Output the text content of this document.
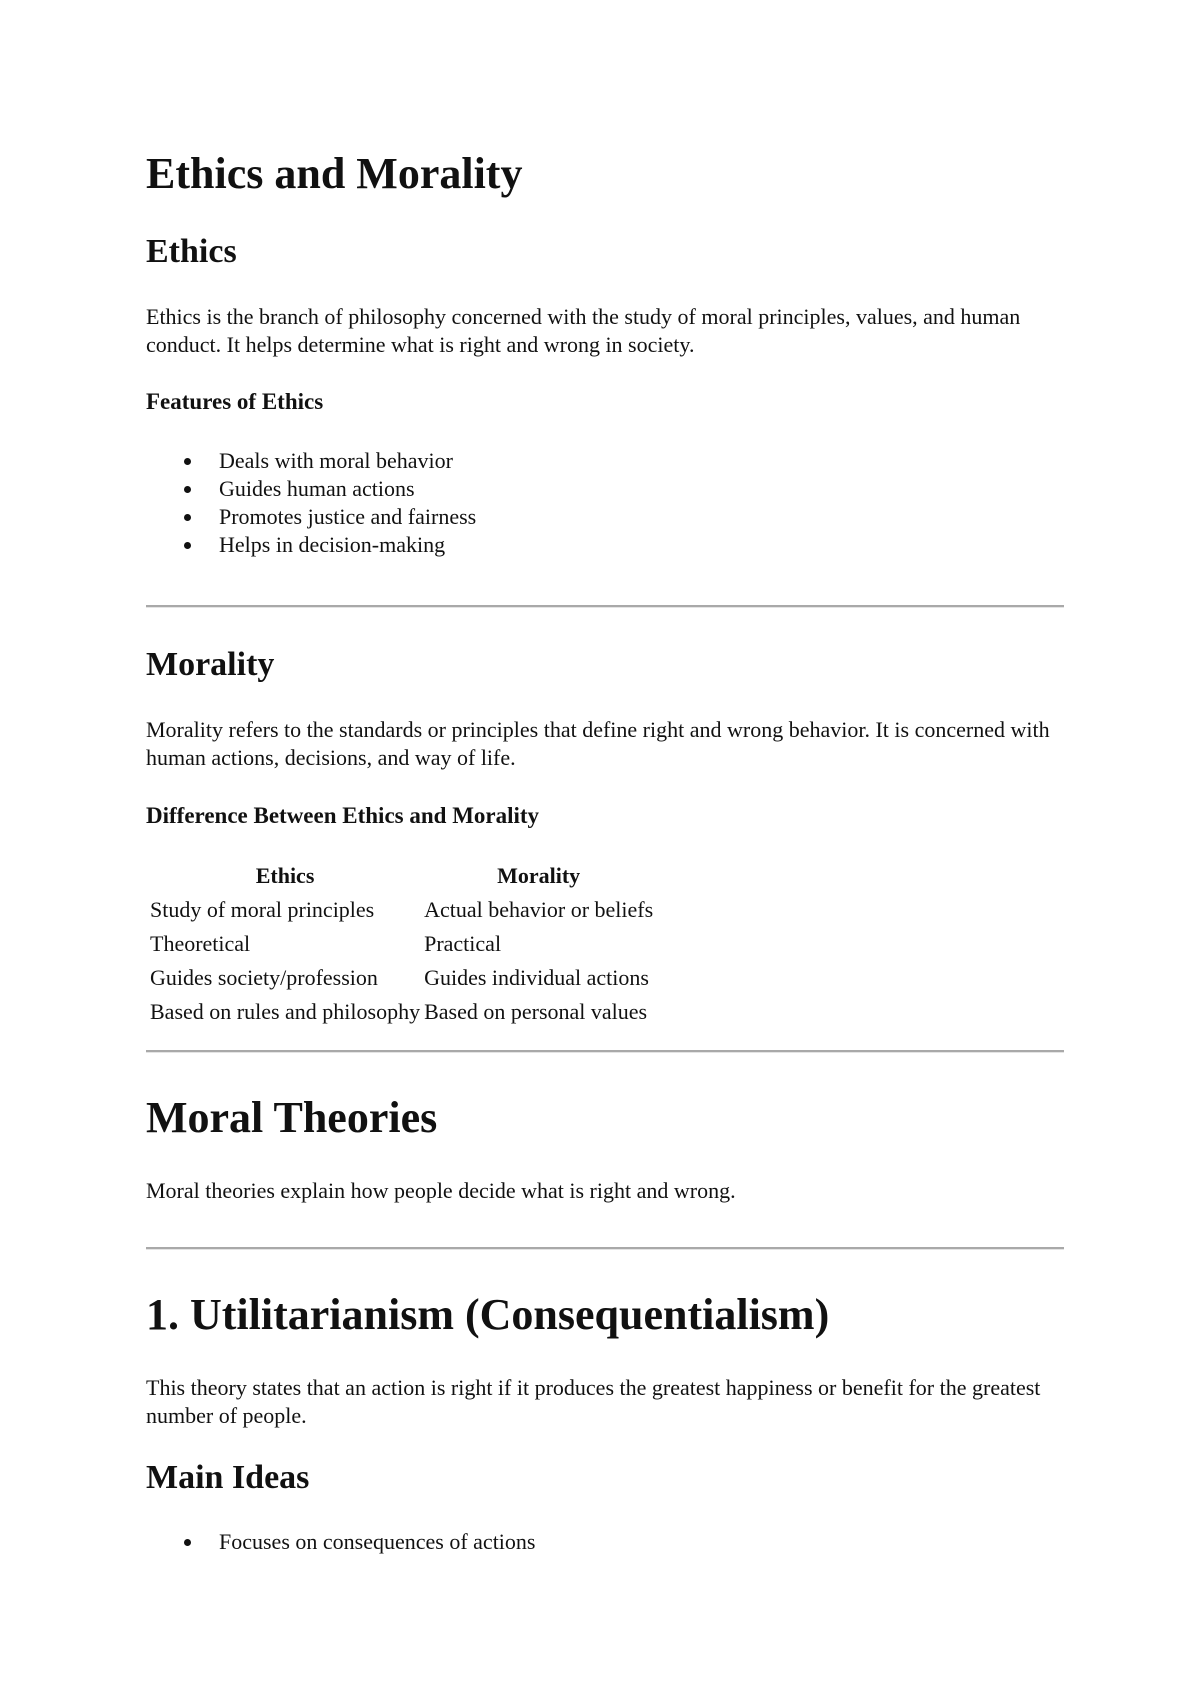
Ethics and Morality
Ethics

Ethics is the branch of philosophy concerned with the study of moral principles, values, and human conduct. It helps determine what is right and wrong in society.

Features of Ethics
Deals with moral behavior
Guides human actions
Promotes justice and fairness
Helps in decision-making
Morality

Morality refers to the standards or principles that define right and wrong behavior. It is concerned with human actions, decisions, and way of life.

Difference Between Ethics and Morality
Ethics	Morality
Study of moral principles	Actual behavior or beliefs
Theoretical	Practical
Guides society/profession	Guides individual actions
Based on rules and philosophy	Based on personal values
Moral Theories

Moral theories explain how people decide what is right and wrong.

1. Utilitarianism (Consequentialism)

This theory states that an action is right if it produces the greatest happiness or benefit for the greatest number of people.

Main Ideas
Focuses on consequences of actions
